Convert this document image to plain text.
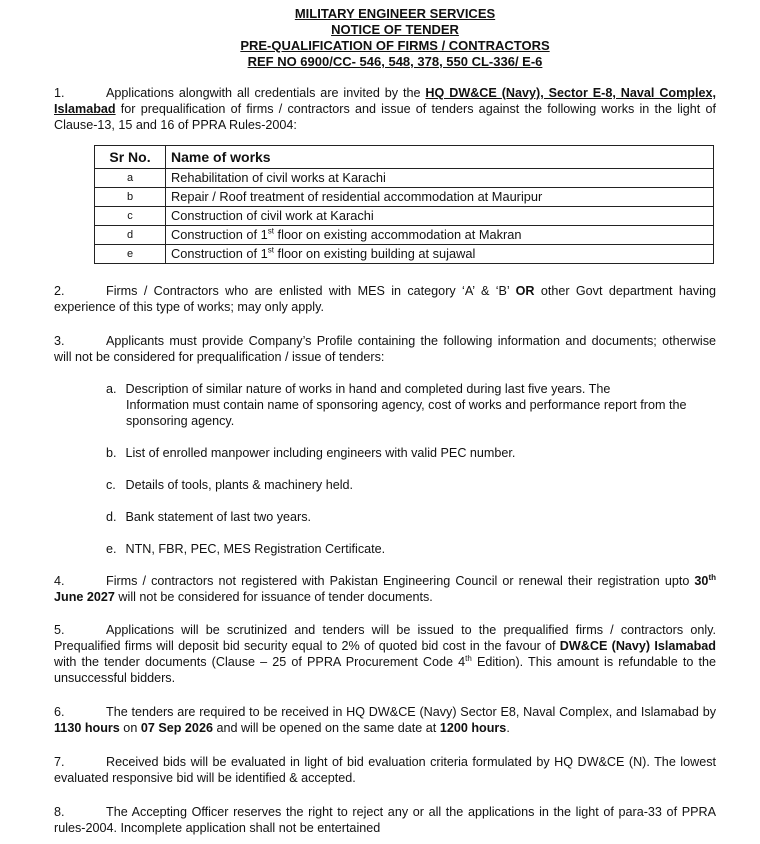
MILITARY ENGINEER SERVICES
NOTICE OF TENDER
PRE-QUALIFICATION OF FIRMS / CONTRACTORS
REF NO 6900/CC- 546, 548, 378, 550 CL-336/ E-6

1.	Applications alongwith all credentials are invited by the HQ DW&CE (Navy), Sector E-8, Naval Complex, Islamabad for prequalification of firms / contractors and issue of tenders against the following works in the light of Clause-13, 15 and 16 of PPRA Rules-2004:

Sr No.	Name of works
a	Rehabilitation of civil works at Karachi
b	Repair / Roof treatment of residential accommodation at Mauripur
c	Construction of civil work at Karachi
d	Construction of 1st floor on existing accommodation at Makran
e	Construction of 1st floor on existing building at sujawal

2.	Firms / Contractors who are enlisted with MES in category ‘A’ & ‘B’ OR other Govt department having experience of this type of works; may only apply.

3.	Applicants must provide Company’s Profile containing the following information and documents; otherwise will not be considered for prequalification / issue of tenders:

a. Description of similar nature of works in hand and completed during last five years. The
Information must contain name of sponsoring agency, cost of works and performance report from the sponsoring agency.
b. List of enrolled manpower including engineers with valid PEC number.
c. Details of tools, plants & machinery held.
d. Bank statement of last two years.
e. NTN, FBR, PEC, MES Registration Certificate.

4.	Firms / contractors not registered with Pakistan Engineering Council or renewal their registration upto 30th June 2027 will not be considered for issuance of tender documents.

5.	Applications will be scrutinized and tenders will be issued to the prequalified firms / contractors only. Prequalified firms will deposit bid security equal to 2% of quoted bid cost in the favour of DW&CE (Navy) Islamabad with the tender documents (Clause – 25 of PPRA Procurement Code 4th Edition). This amount is refundable to the unsuccessful bidders.

6.	The tenders are required to be received in HQ DW&CE (Navy) Sector E8, Naval Complex, and Islamabad by 1130 hours on 07 Sep 2026 and will be opened on the same date at 1200 hours.

7.	Received bids will be evaluated in light of bid evaluation criteria formulated by HQ DW&CE (N). The lowest evaluated responsive bid will be identified & accepted.

8.	The Accepting Officer reserves the right to reject any or all the applications in the light of para-33 of PPRA rules-2004. Incomplete application shall not be entertained
